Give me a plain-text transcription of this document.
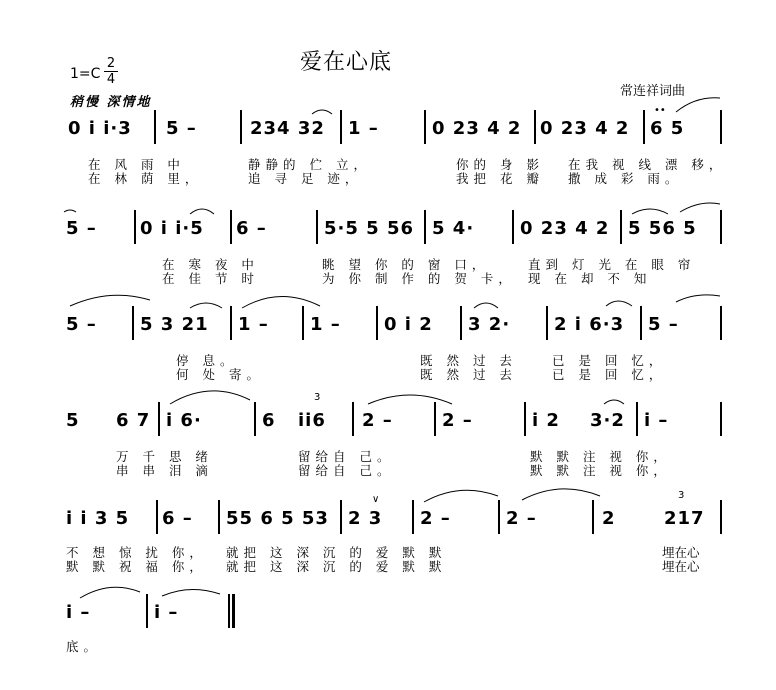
爱在心底
$1=C \frac{2}{4}$
稍慢 深情地
常连祥词曲
0 i i·3 5 –	234 32 1 –	0 23 4 2 0 23 4 2 6 5
在 风 雨 中	静静的 伫 立，	你的 身 影 在我 视 线 漂 移，
在 林 荫 里，	追 寻 足 迹，	我把 花 瓣 撒 成 彩 雨。
5 – 0 i i·5 6 –	5·5 5 56 5 4·	0 23 4 2 5 56 5
在 寒 夜 中	眺 望 你 的 窗 口，	直到 灯 光 在 眼 帘
在 佳 节 时	为 你 制 作 的 贺 卡， 现 在 却 不 知
5 – 5 3 21 1 – 1 – 0 i 2 3 2· 2 i 6·3 5 –
停 息。	既 然 过 去	已 是 回 忆，
何 处 寄。	既 然 过 去	已 是 回 忆，
5 6 7 i 6·	6 ii6 2 –	2 –	i 2 3·2 i –
万 千 思 绪	留给自 己。	默 默 注 视 你，
串 串 泪 滴	留给自 己。	默 默 注 视 你，
i i 3 5 6 – 55 6 5 53 2 3 2 –	2 –	2	217
∨
不 想 惊 扰 你， 就把 这 深 沉 的 爱 默 默	埋在心
默 默 祝 福 你， 就把 这 深 沉 的 爱 默 默	埋在心
i –	i –
底。
••
3
3
